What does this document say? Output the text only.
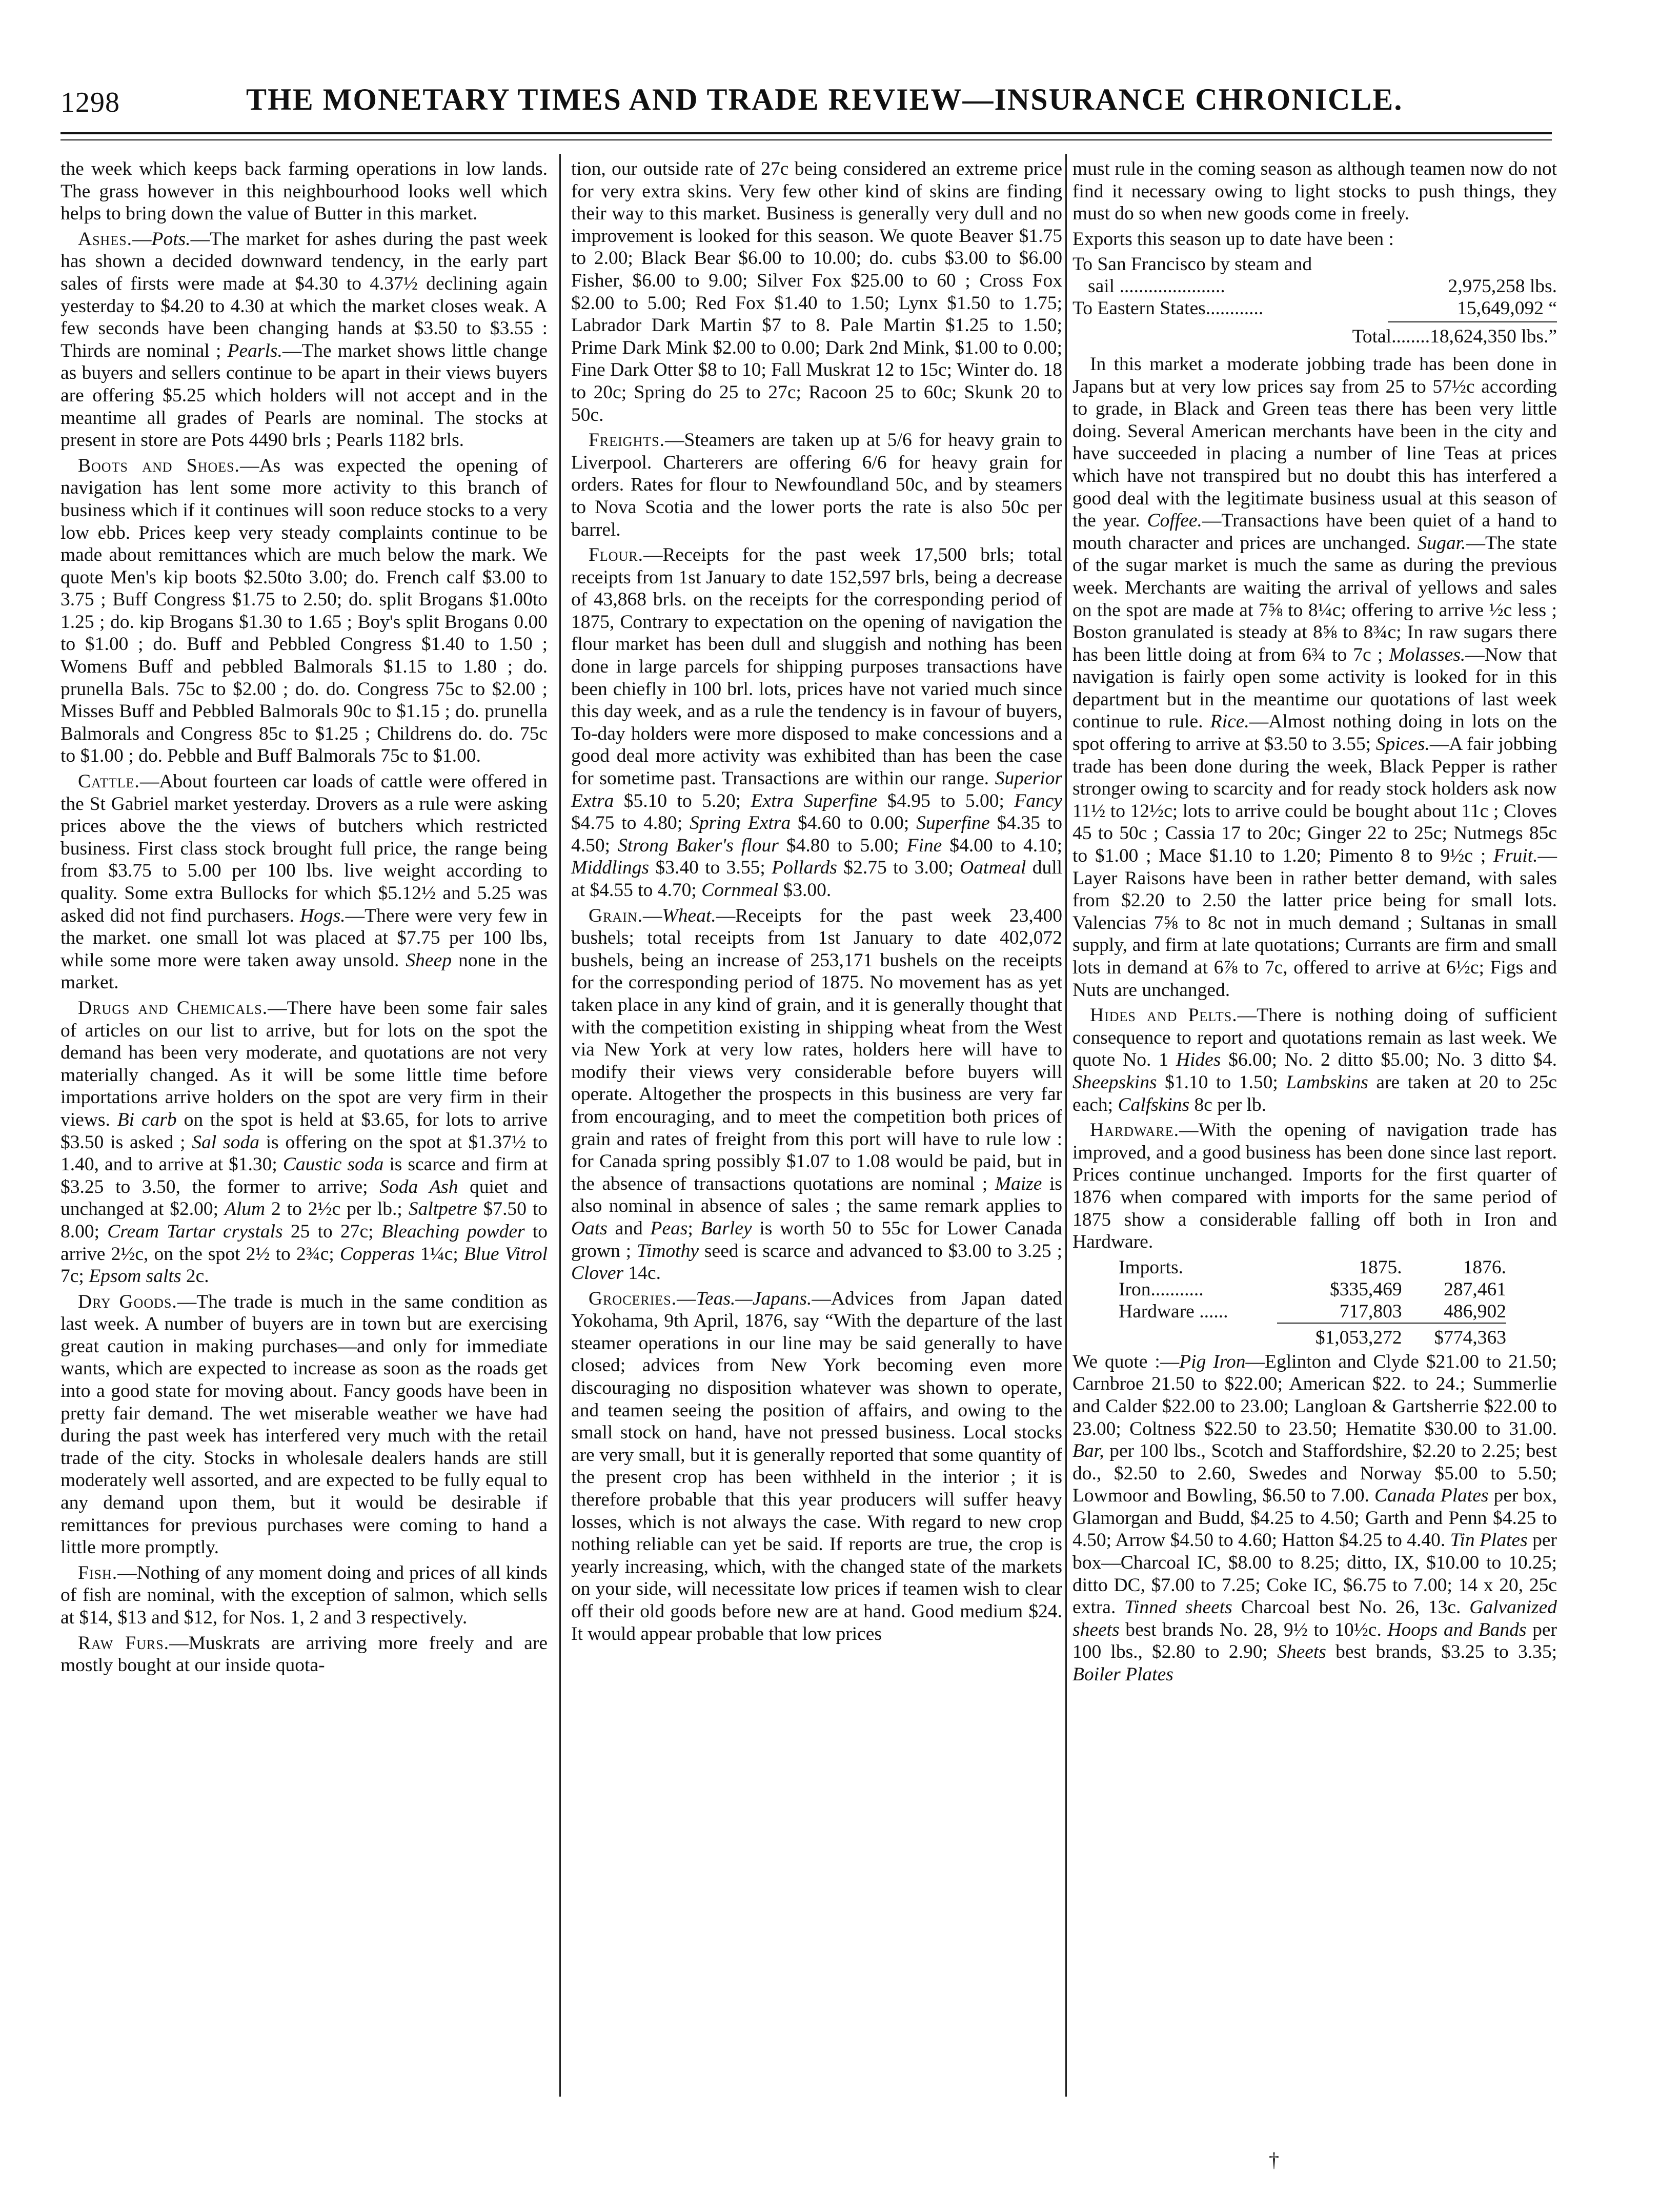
1298	THE MONETARY TIMES AND TRADE REVIEW—INSURANCE CHRONICLE.

the week which keeps back farming operations in low lands. The grass however in this neighbourhood looks well which helps to bring down the value of Butter in this market.

Ashes.—Pots.—The market for ashes during the past week has shown a decided downward tendency, in the early part sales of firsts were made at $4.30 to 4.37½ declining again yesterday to $4.20 to 4.30 at which the market closes weak. A few seconds have been changing hands at $3.50 to $3.55 : Thirds are nominal ; Pearls.—The market shows little change as buyers and sellers continue to be apart in their views buyers are offering $5.25 which holders will not accept and in the meantime all grades of Pearls are nominal. The stocks at present in store are Pots 4490 brls ; Pearls 1182 brls.

Boots and Shoes.—As was expected the opening of navigation has lent some more activity to this branch of business which if it continues will soon reduce stocks to a very low ebb. Prices keep very steady complaints continue to be made about remittances which are much below the mark. We quote Men's kip boots $2.50to 3.00; do. French calf $3.00 to 3.75 ; Buff Congress $1.75 to 2.50; do. split Brogans $1.00to 1.25 ; do. kip Brogans $1.30 to 1.65 ; Boy's split Brogans 0.00 to $1.00 ; do. Buff and Pebbled Congress $1.40 to 1.50 ; Womens Buff and pebbled Balmorals $1.15 to 1.80 ; do. prunella Bals. 75c to $2.00 ; do. do. Congress 75c to $2.00 ; Misses Buff and Pebbled Balmorals 90c to $1.15 ; do. prunella Balmorals and Congress 85c to $1.25 ; Childrens do. do. 75c to $1.00 ; do. Pebble and Buff Balmorals 75c to $1.00.

Cattle.—About fourteen car loads of cattle were offered in the St Gabriel market yesterday. Drovers as a rule were asking prices above the the views of butchers which restricted business. First class stock brought full price, the range being from $3.75 to 5.00 per 100 lbs. live weight according to quality. Some extra Bullocks for which $5.12½ and 5.25 was asked did not find purchasers. Hogs.—There were very few in the market. one small lot was placed at $7.75 per 100 lbs, while some more were taken away unsold. Sheep none in the market.

Drugs and Chemicals.—There have been some fair sales of articles on our list to arrive, but for lots on the spot the demand has been very moderate, and quotations are not very materially changed. As it will be some little time before importations arrive holders on the spot are very firm in their views. Bi carb on the spot is held at $3.65, for lots to arrive $3.50 is asked ; Sal soda is offering on the spot at $1.37½ to 1.40, and to arrive at $1.30; Caustic soda is scarce and firm at $3.25 to 3.50, the former to arrive; Soda Ash quiet and unchanged at $2.00; Alum 2 to 2½c per lb.; Saltpetre $7.50 to 8.00; Cream Tartar crystals 25 to 27c; Bleaching powder to arrive 2½c, on the spot 2½ to 2¾c; Copperas 1¼c; Blue Vitrol 7c; Epsom salts 2c.

Dry Goods.—The trade is much in the same condition as last week. A number of buyers are in town but are exercising great caution in making purchases—and only for immediate wants, which are expected to increase as soon as the roads get into a good state for moving about. Fancy goods have been in pretty fair demand. The wet miserable weather we have had during the past week has interfered very much with the retail trade of the city. Stocks in wholesale dealers hands are still moderately well assorted, and are expected to be fully equal to any demand upon them, but it would be desirable if remittances for previous purchases were coming to hand a little more promptly.

Fish.—Nothing of any moment doing and prices of all kinds of fish are nominal, with the exception of salmon, which sells at $14, $13 and $12, for Nos. 1, 2 and 3 respectively.

Raw Furs.—Muskrats are arriving more freely and are mostly bought at our inside quota-

tion, our outside rate of 27c being considered an extreme price for very extra skins. Very few other kind of skins are finding their way to this market. Business is generally very dull and no improvement is looked for this season. We quote Beaver $1.75 to 2.00; Black Bear $6.00 to 10.00; do. cubs $3.00 to $6.00 Fisher, $6.00 to 9.00; Silver Fox $25.00 to 60 ; Cross Fox $2.00 to 5.00; Red Fox $1.40 to 1.50; Lynx $1.50 to 1.75; Labrador Dark Martin $7 to 8. Pale Martin $1.25 to 1.50; Prime Dark Mink $2.00 to 0.00; Dark 2nd Mink, $1.00 to 0.00; Fine Dark Otter $8 to 10; Fall Muskrat 12 to 15c; Winter do. 18 to 20c; Spring do 25 to 27c; Racoon 25 to 60c; Skunk 20 to 50c.

Freights.—Steamers are taken up at 5/6 for heavy grain to Liverpool. Charterers are offering 6/6 for heavy grain for orders. Rates for flour to Newfoundland 50c, and by steamers to Nova Scotia and the lower ports the rate is also 50c per barrel.

Flour.—Receipts for the past week 17,500 brls; total receipts from 1st January to date 152,597 brls, being a decrease of 43,868 brls. on the receipts for the corresponding period of 1875, Contrary to expectation on the opening of navigation the flour market has been dull and sluggish and nothing has been done in large parcels for shipping purposes transactions have been chiefly in 100 brl. lots, prices have not varied much since this day week, and as a rule the tendency is in favour of buyers, To-day holders were more disposed to make concessions and a good deal more activity was exhibited than has been the case for sometime past. Transactions are within our range. Superior Extra $5.10 to 5.20; Extra Superfine $4.95 to 5.00; Fancy $4.75 to 4.80; Spring Extra $4.60 to 0.00; Superfine $4.35 to 4.50; Strong Baker's flour $4.80 to 5.00; Fine $4.00 to 4.10; Middlings $3.40 to 3.55; Pollards $2.75 to 3.00; Oatmeal dull at $4.55 to 4.70; Cornmeal $3.00.

Grain.—Wheat.—Receipts for the past week 23,400 bushels; total receipts from 1st January to date 402,072 bushels, being an increase of 253,171 bushels on the receipts for the corresponding period of 1875. No movement has as yet taken place in any kind of grain, and it is generally thought that with the competition existing in shipping wheat from the West via New York at very low rates, holders here will have to modify their views very considerable before buyers will operate. Altogether the prospects in this business are very far from encouraging, and to meet the competition both prices of grain and rates of freight from this port will have to rule low : for Canada spring possibly $1.07 to 1.08 would be paid, but in the absence of transactions quotations are nominal ; Maize is also nominal in absence of sales ; the same remark applies to Oats and Peas; Barley is worth 50 to 55c for Lower Canada grown ; Timothy seed is scarce and advanced to $3.00 to 3.25 ; Clover 14c.

Groceries.—Teas.—Japans.—Advices from Japan dated Yokohama, 9th April, 1876, say “With the departure of the last steamer operations in our line may be said generally to have closed; advices from New York becoming even more discouraging no disposition whatever was shown to operate, and teamen seeing the position of affairs, and owing to the small stock on hand, have not pressed business. Local stocks are very small, but it is generally reported that some quantity of the present crop has been withheld in the interior ; it is therefore probable that this year producers will suffer heavy losses, which is not always the case. With regard to new crop nothing reliable can yet be said. If reports are true, the crop is yearly increasing, which, with the changed state of the markets on your side, will necessitate low prices if teamen wish to clear off their old goods before new are at hand. Good medium $24. It would appear probable that low prices

must rule in the coming season as although teamen now do not find it necessary owing to light stocks to push things, they must do so when new goods come in freely.

Exports this season up to date have been :

To San Francisco by steam and	
sail ......................	2,975,258 lbs.
To Eastern States............	15,649,092 “
Total........18,624,350 lbs.”

In this market a moderate jobbing trade has been done in Japans but at very low prices say from 25 to 57½c according to grade, in Black and Green teas there has been very little doing. Several American merchants have been in the city and have succeeded in placing a number of line Teas at prices which have not transpired but no doubt this has interfered a good deal with the legitimate business usual at this season of the year. Coffee.—Transactions have been quiet of a hand to mouth character and prices are unchanged. Sugar.—The state of the sugar market is much the same as during the previous week. Merchants are waiting the arrival of yellows and sales on the spot are made at 7⅝ to 8¼c; offering to arrive ½c less ; Boston granulated is steady at 8⅝ to 8¾c; In raw sugars there has been little doing at from 6¾ to 7c ; Molasses.—Now that navigation is fairly open some activity is looked for in this department but in the meantime our quotations of last week continue to rule. Rice.—Almost nothing doing in lots on the spot offering to arrive at $3.50 to 3.55; Spices.—A fair jobbing trade has been done during the week, Black Pepper is rather stronger owing to scarcity and for ready stock holders ask now 11½ to 12½c; lots to arrive could be bought about 11c ; Cloves 45 to 50c ; Cassia 17 to 20c; Ginger 22 to 25c; Nutmegs 85c to $1.00 ; Mace $1.10 to 1.20; Pimento 8 to 9½c ; Fruit.—Layer Raisons have been in rather better demand, with sales from $2.20 to 2.50 the latter price being for small lots. Valencias 7⅝ to 8c not in much demand ; Sultanas in small supply, and firm at late quotations; Currants are firm and small lots in demand at 6⅞ to 7c, offered to arrive at 6½c; Figs and Nuts are unchanged.

Hides and Pelts.—There is nothing doing of sufficient consequence to report and quotations remain as last week. We quote No. 1 Hides $6.00; No. 2 ditto $5.00; No. 3 ditto $4. Sheepskins $1.10 to 1.50; Lambskins are taken at 20 to 25c each; Calfskins 8c per lb.

Hardware.—With the opening of navigation trade has improved, and a good business has been done since last report. Prices continue unchanged. Imports for the first quarter of 1876 when compared with imports for the same period of 1875 show a considerable falling off both in Iron and Hardware.

Imports.	1875.	1876.
Iron...........	$335,469	287,461
Hardware ......	717,803	486,902
	$1,053,272	$774,363

We quote :—Pig Iron—Eglinton and Clyde $21.00 to 21.50; Carnbroe 21.50 to $22.00; American $22. to 24.; Summerlie and Calder $22.00 to 23.00; Langloan & Gartsherrie $22.00 to 23.00; Coltness $22.50 to 23.50; Hematite $30.00 to 31.00. Bar, per 100 lbs., Scotch and Staffordshire, $2.20 to 2.25; best do., $2.50 to 2.60, Swedes and Norway $5.00 to 5.50; Lowmoor and Bowling, $6.50 to 7.00. Canada Plates per box, Glamorgan and Budd, $4.25 to 4.50; Garth and Penn $4.25 to 4.50; Arrow $4.50 to 4.60; Hatton $4.25 to 4.40. Tin Plates per box—Charcoal IC, $8.00 to 8.25; ditto, IX, $10.00 to 10.25; ditto DC, $7.00 to 7.25; Coke IC, $6.75 to 7.00; 14 x 20, 25c extra. Tinned sheets Charcoal best No. 26, 13c. Galvanized sheets best brands No. 28, 9½ to 10½c. Hoops and Bands per 100 lbs., $2.80 to 2.90; Sheets best brands, $3.25 to 3.35; Boiler Plates

†
